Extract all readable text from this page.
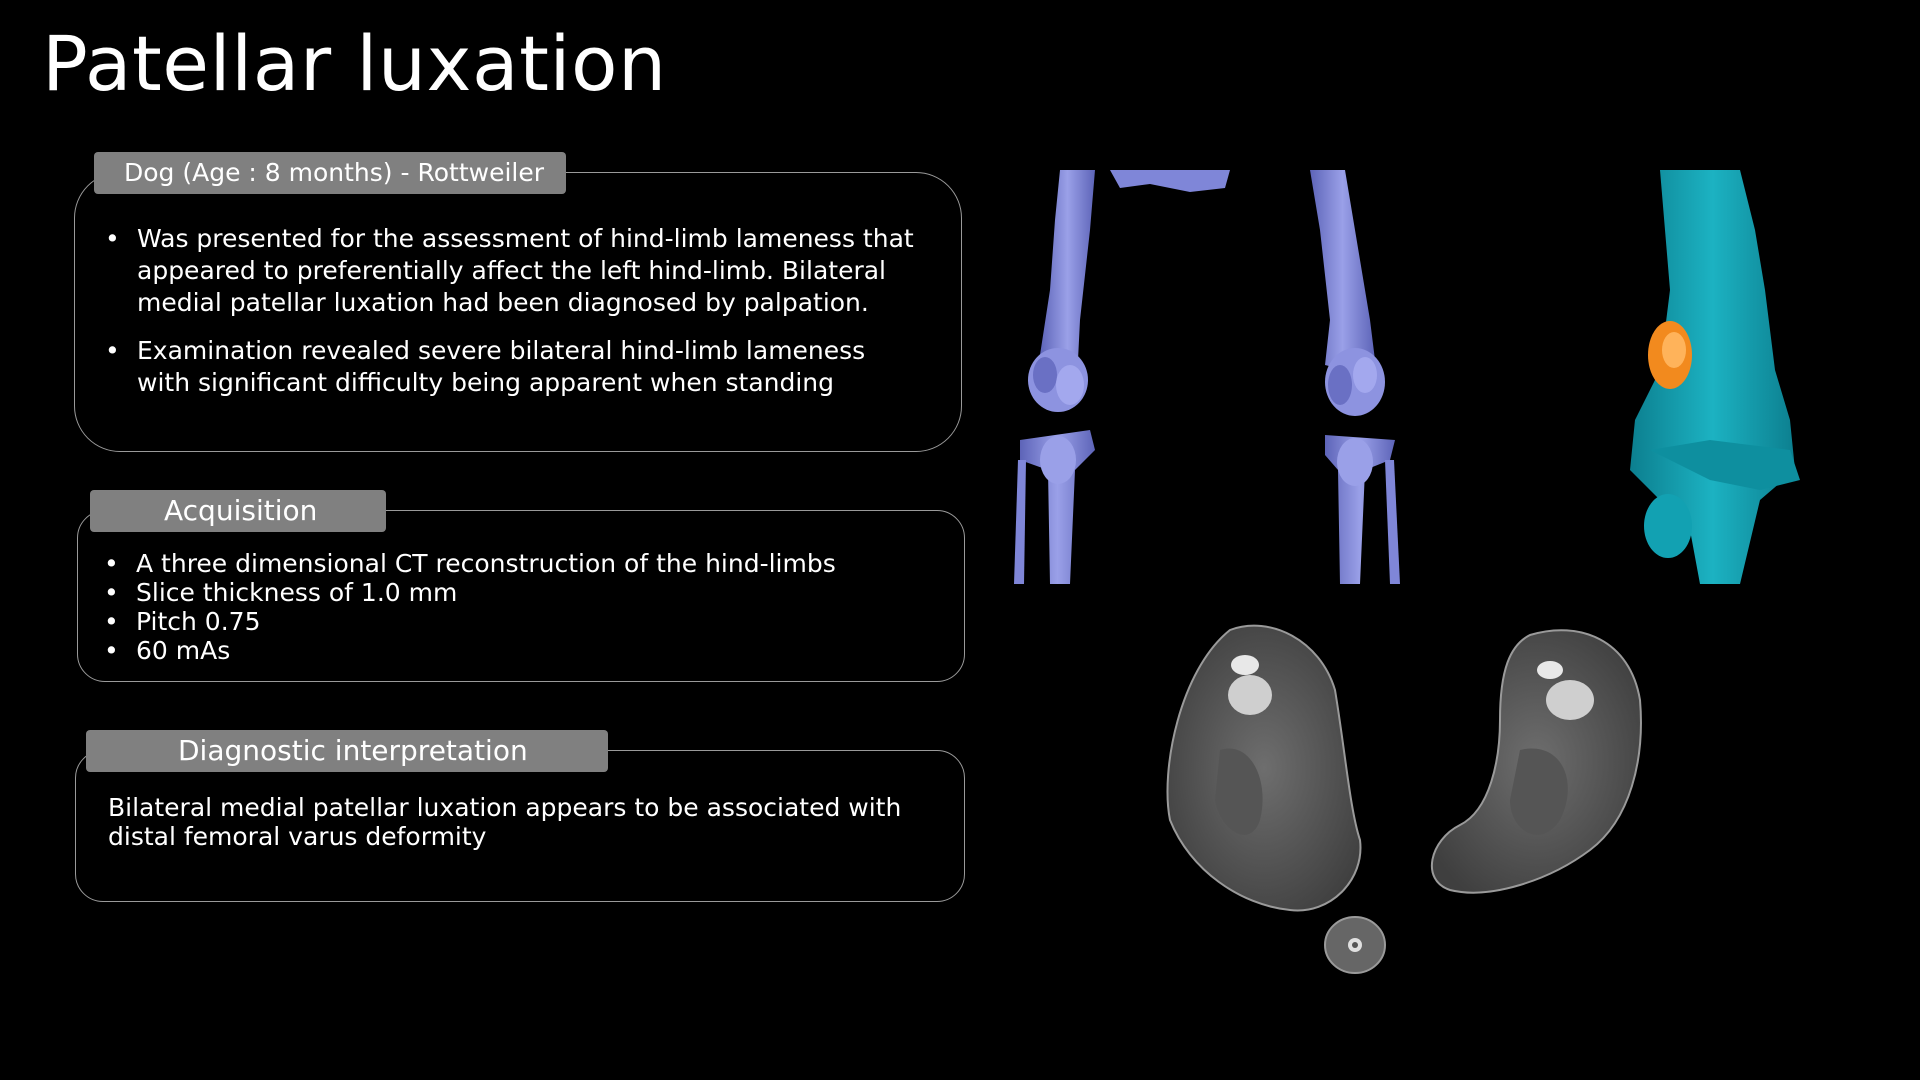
Patellar luxation
• Was presented for the assessment of hind-limb lameness that appeared to preferentially affect the left hind-limb. Bilateral medial patellar luxation had been diagnosed by palpation.
• Examination revealed severe bilateral hind-limb lameness with significant difficulty being apparent when standing
Dog (Age : 8 months) - Rottweiler
• A three dimensional CT reconstruction of the hind-limbs
• Slice thickness of 1.0 mm
• Pitch 0.75
• 60 mAs
Acquisition
Bilateral medial patellar luxation appears to be associated with distal femoral varus deformity
Diagnostic interpretation
